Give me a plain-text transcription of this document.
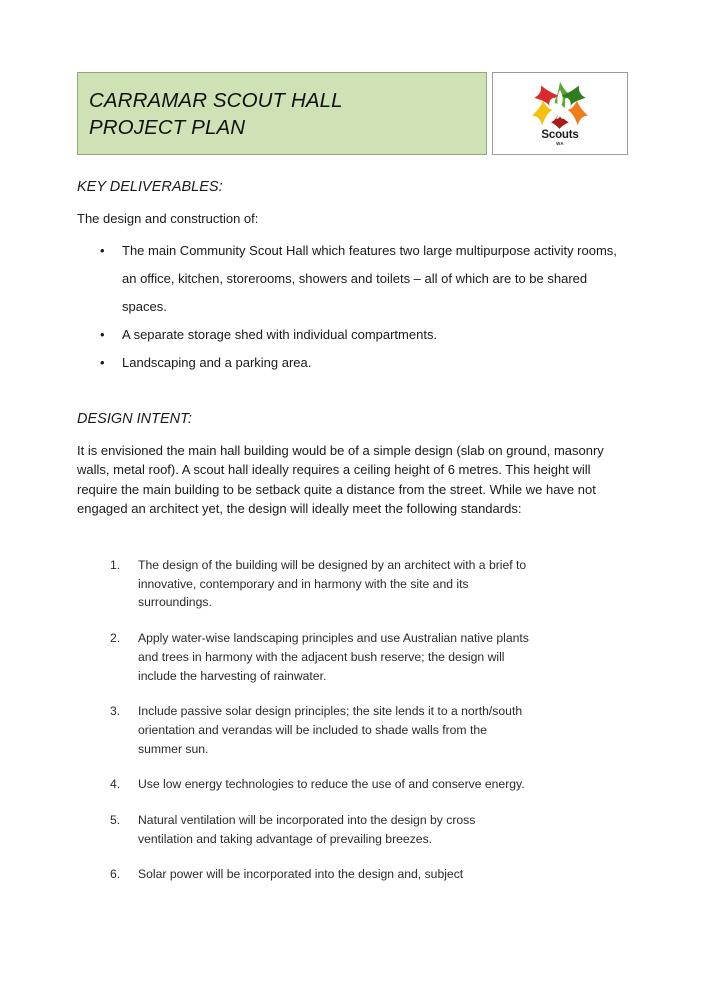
CARRAMAR SCOUT HALL
PROJECT PLAN	Scouts
WA
KEY DELIVERABLES:
The design and construction of:
• The main Community Scout Hall which features two large multipurpose activity rooms, an office, kitchen, storerooms, showers and toilets – all of which are to be shared spaces.
• A separate storage shed with individual compartments.
• Landscaping and a parking area.
DESIGN INTENT:
It is envisioned the main hall building would be of a simple design (slab on ground, masonry walls, metal roof). A scout hall ideally requires a ceiling height of 6 metres. This height will require the main building to be setback quite a distance from the street. While we have not engaged an architect yet, the design will ideally meet the following standards:
1. The design of the building will be designed by an architect with a brief to innovative, contemporary and in harmony with the site and its surroundings.
2. Apply water-wise landscaping principles and use Australian native plants and trees in harmony with the adjacent bush reserve; the design will include the harvesting of rainwater.
3. Include passive solar design principles; the site lends it to a north/south orientation and verandas will be included to shade walls from the summer sun.
4. Use low energy technologies to reduce the use of and conserve energy.
5. Natural ventilation will be incorporated into the design by cross ventilation and taking advantage of prevailing breezes.
6. Solar power will be incorporated into the design and, subject
